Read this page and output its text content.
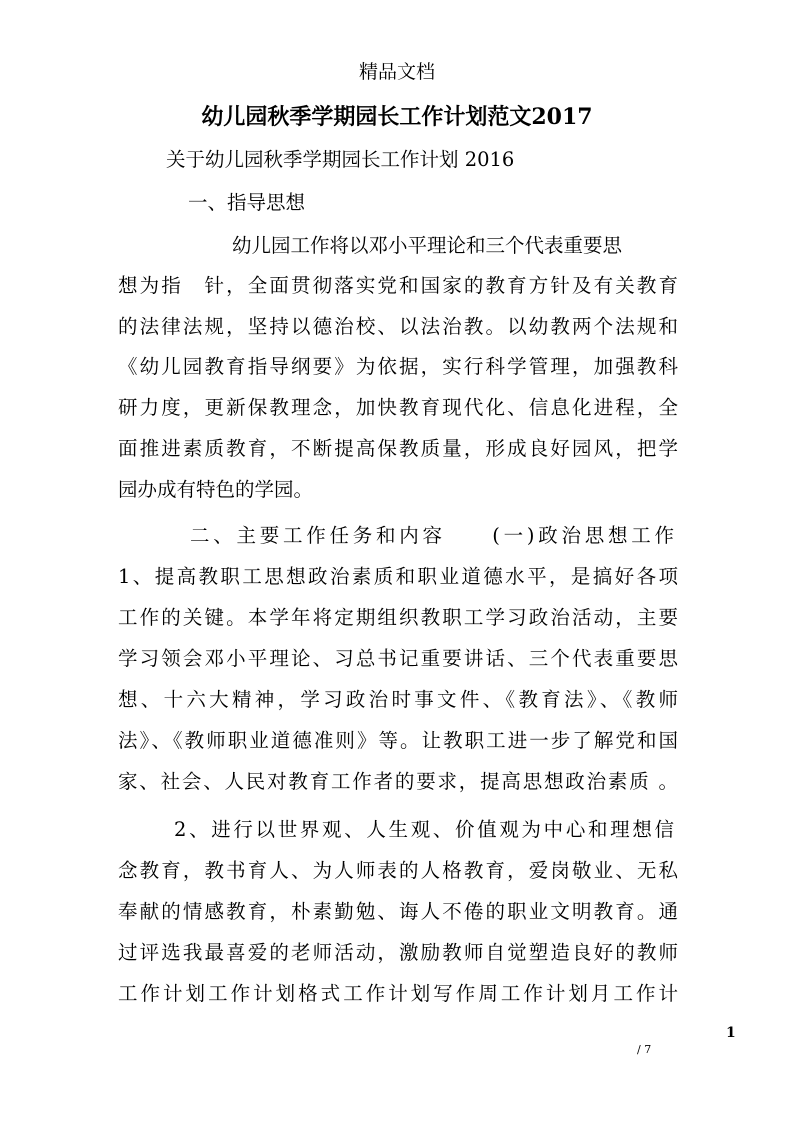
精品文档
幼儿园秋季学期园长工作计划范文2017
关于幼儿园秋季学期园长工作计划 2016
一、指导思想
幼儿园工作将以邓小平理论和三个代表重要思
想为指　针，全面贯彻落实党和国家的教育方针及有关教育
的法律法规，坚持以德治校、以法治教。以幼教两个法规和
《幼儿园教育指导纲要》为依据，实行科学管理，加强教科
研力度，更新保教理念，加快教育现代化、信息化进程，全
面推进素质教育，不断提高保教质量，形成良好园风，把学
园办成有特色的学园。
二、主要工作任务和内容　　(一)政治思想工作
1、提高教职工思想政治素质和职业道德水平，是搞好各项
工作的关键。本学年将定期组织教职工学习政治活动，主要
学习领会邓小平理论、习总书记重要讲话、三个代表重要思
想、十六大精神，学习政治时事文件、《教育法》、《教师
法》、《教师职业道德准则》等。让教职工进一步了解党和国
家、社会、人民对教育工作者的要求，提高思想政治素质 。
2、进行以世界观、人生观、价值观为中心和理想信
念教育，教书育人、为人师表的人格教育，爱岗敬业、无私
奉献的情感教育，朴素勤勉、诲人不倦的职业文明教育。通
过评选我最喜爱的老师活动，激励教师自觉塑造良好的教师
工作计划工作计划格式工作计划写作周工作计划月工作计
1
/ 7
